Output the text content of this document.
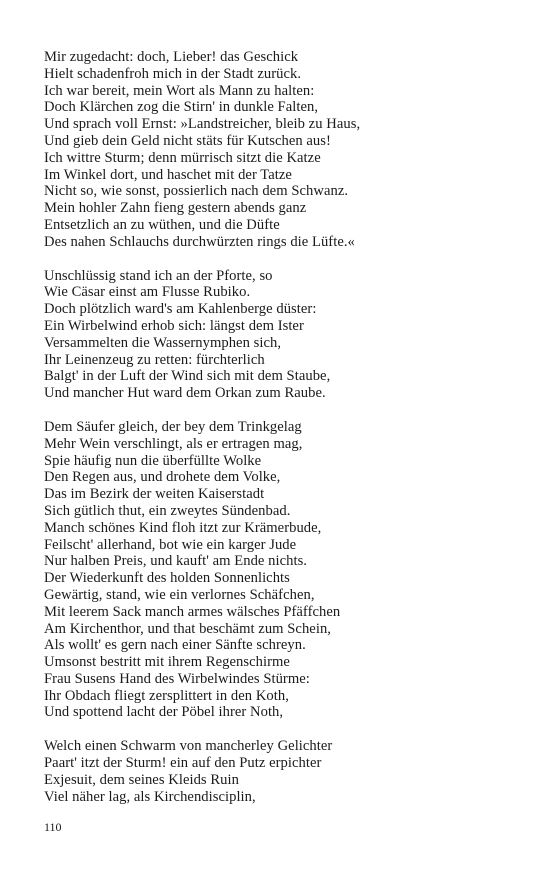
Mir zugedacht: doch, Lieber! das Geschick
Hielt schadenfroh mich in der Stadt zurück.
Ich war bereit, mein Wort als Mann zu halten:
Doch Klärchen zog die Stirn' in dunkle Falten,
Und sprach voll Ernst: »Landstreicher, bleib zu Haus,
Und gieb dein Geld nicht stäts für Kutschen aus!
Ich wittre Sturm; denn mürrisch sitzt die Katze
Im Winkel dort, und haschet mit der Tatze
Nicht so, wie sonst, possierlich nach dem Schwanz.
Mein hohler Zahn fieng gestern abends ganz
Entsetzlich an zu wüthen, und die Düfte
Des nahen Schlauchs durchwürzten rings die Lüfte.«
Unschlüssig stand ich an der Pforte, so
Wie Cäsar einst am Flusse Rubiko.
Doch plötzlich ward's am Kahlenberge düster:
Ein Wirbelwind erhob sich: längst dem Ister
Versammelten die Wassernymphen sich,
Ihr Leinenzeug zu retten: fürchterlich
Balgt' in der Luft der Wind sich mit dem Staube,
Und mancher Hut ward dem Orkan zum Raube.
Dem Säufer gleich, der bey dem Trinkgelag
Mehr Wein verschlingt, als er ertragen mag,
Spie häufig nun die überfüllte Wolke
Den Regen aus, und drohete dem Volke,
Das im Bezirk der weiten Kaiserstadt
Sich gütlich thut, ein zweytes Sündenbad.
Manch schönes Kind floh itzt zur Krämerbude,
Feilscht' allerhand, bot wie ein karger Jude
Nur halben Preis, und kauft' am Ende nichts.
Der Wiederkunft des holden Sonnenlichts
Gewärtig, stand, wie ein verlornes Schäfchen,
Mit leerem Sack manch armes wälsches Pfäffchen
Am Kirchenthor, und that beschämt zum Schein,
Als wollt' es gern nach einer Sänfte schreyn.
Umsonst bestritt mit ihrem Regenschirme
Frau Susens Hand des Wirbelwindes Stürme:
Ihr Obdach fliegt zersplittert in den Koth,
Und spottend lacht der Pöbel ihrer Noth,
Welch einen Schwarm von mancherley Gelichter
Paart' itzt der Sturm! ein auf den Putz erpichter
Exjesuit, dem seines Kleids Ruin
Viel näher lag, als Kirchendisciplin,
110
